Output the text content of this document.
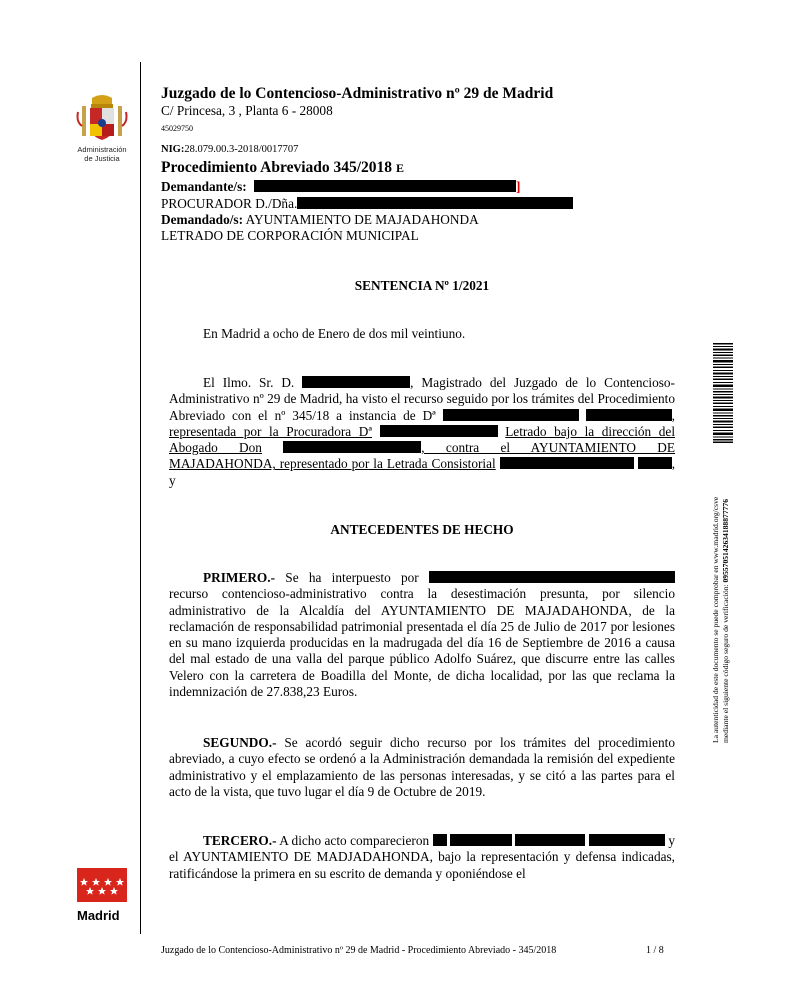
Administración
de Justicia
Madrid
Juzgado de lo Contencioso-Administrativo nº 29 de Madrid
C/ Princesa, 3 , Planta 6 - 28008
45029750
NIG:28.079.00.3-2018/0017707
Procedimiento Abreviado 345/2018 E
Demandante/s:	]
PROCURADOR D./Dña.
Demandado/s: AYUNTAMIENTO DE MAJADAHONDA
LETRADO DE CORPORACIÓN MUNICIPAL
SENTENCIA Nº 1/2021
En Madrid a ocho de Enero de dos mil veintiuno.
El Ilmo. Sr. D.	, Magistrado del Juzgado de lo Contencioso-Administrativo nº 29 de Madrid, ha visto el recurso seguido por los trámites del Procedimiento Abreviado con el nº 345/18 a instancia de Dª	, representada por la Procuradora Dª	Letrado bajo la dirección del Abogado Don	, contra el AYUNTAMIENTO DE MAJADAHONDA, representado por la Letrada Consistorial	, y
ANTECEDENTES DE HECHO
PRIMERO.- Se ha interpuesto por  recurso contencioso-administrativo contra la desestimación presunta, por silencio administrativo de la Alcaldía del AYUNTAMIENTO DE MAJADAHONDA, de la reclamación de responsabilidad patrimonial presentada el día 25 de Julio de 2017 por lesiones en su mano izquierda producidas en la madrugada del día 16 de Septiembre de 2016 a causa del mal estado de una valla del parque público Adolfo Suárez, que discurre entre las calles Velero con la carretera de Boadilla del Monte, de dicha localidad, por las que reclama la indemnización de 27.838,23 Euros.
SEGUNDO.- Se acordó seguir dicho recurso por los trámites del procedimiento abreviado, a cuyo efecto se ordenó a la Administración demandada la remisión del expediente administrativo y el emplazamiento de las personas interesadas, y se citó a las partes para el acto de la vista, que tuvo lugar el día 9 de Octubre de 2019.
TERCERO.- A dicho acto comparecieron	y el AYUNTAMIENTO DE MADJADAHONDA, bajo la representación y defensa indicadas, ratificándose la primera en su escrito de demanda y oponiéndose el
La autenticidad de este documento se puede comprobar en www.madrid.org/csve mediante el siguiente código seguro de verificación: 0955705142634188877776
Juzgado de lo Contencioso-Administrativo nº 29 de Madrid - Procedimiento Abreviado - 345/2018	1 / 8
